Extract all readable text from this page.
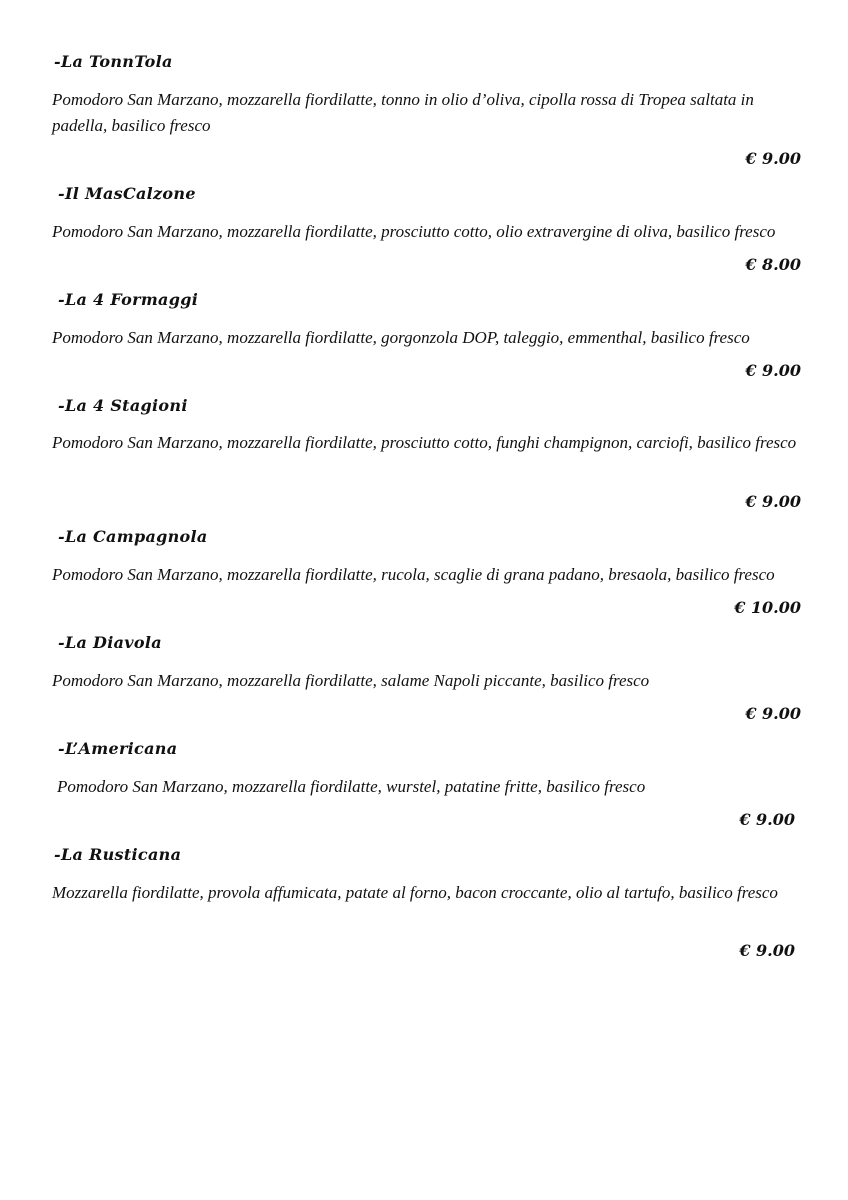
-La TonnTola

Pomodoro San Marzano, mozzarella fiordilatte, tonno in olio d’oliva, cipolla rossa di Tropea saltata in padella, basilico fresco

€ 9.00

-Il MasCalzone

Pomodoro San Marzano, mozzarella fiordilatte, prosciutto cotto, olio extravergine di oliva, basilico fresco

€ 8.00

-La 4 Formaggi

Pomodoro San Marzano, mozzarella fiordilatte, gorgonzola DOP, taleggio, emmenthal, basilico fresco

€ 9.00

-La 4 Stagioni

Pomodoro San Marzano, mozzarella fiordilatte, prosciutto cotto, funghi champignon, carciofi, basilico fresco

€ 9.00

-La Campagnola

Pomodoro San Marzano, mozzarella fiordilatte, rucola, scaglie di grana padano, bresaola, basilico fresco

€ 10.00

-La Diavola

Pomodoro San Marzano, mozzarella fiordilatte, salame Napoli piccante, basilico fresco

€ 9.00

-L’Americana

Pomodoro San Marzano, mozzarella fiordilatte, wurstel, patatine fritte, basilico fresco

€ 9.00

-La Rusticana

Mozzarella fiordilatte, provola affumicata, patate al forno, bacon croccante, olio al tartufo, basilico fresco

€ 9.00
